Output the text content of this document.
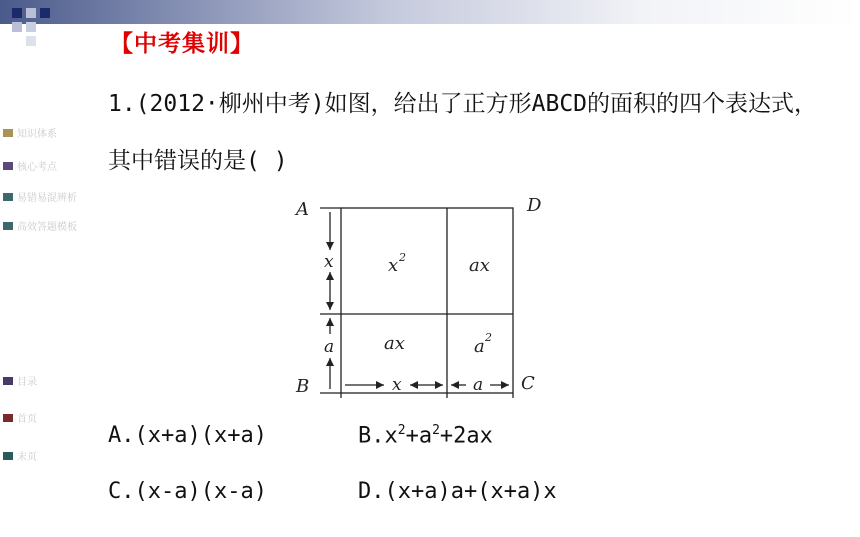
【中考集训】
1.(2012·柳州中考)如图，给出了正方形ABCD的面积的四个表达式，其中错误的是( )
知识体系
核心考点
易错易混辨析
高效答题模板
目录
首页
末页
A	D
B	C
x 2	ax
ax	a 2
x
a
x	a
A.(x+a)(x+a)	$B.x^2+a^2+2ax$
C.(x-a)(x-a)	D.(x+a)a+(x+a)x
